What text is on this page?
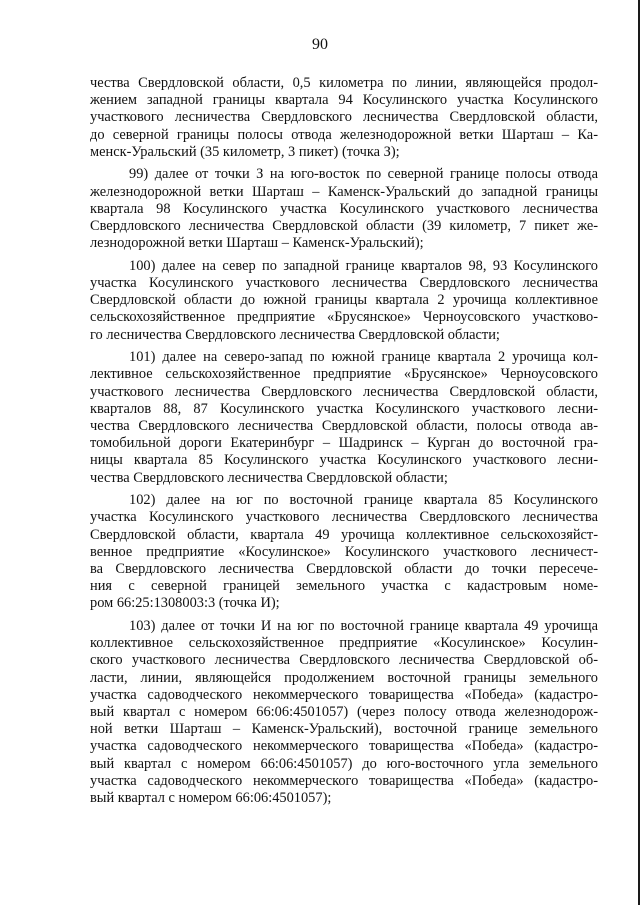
90
чества Свердловской области, 0,5 километра по линии, являющейся продол-
жением западной границы квартала 94 Косулинского участка Косулинского
участкового лесничества Свердловского лесничества Свердловской области,
до северной границы полосы отвода железнодорожной ветки Шарташ – Ка-
менск-Уральский (35 километр, 3 пикет) (точка З);
99) далее от точки З на юго-восток по северной границе полосы отвода
железнодорожной ветки Шарташ – Каменск-Уральский до западной границы
квартала 98 Косулинского участка Косулинского участкового лесничества
Свердловского лесничества Свердловской области (39 километр, 7 пикет же-
лезнодорожной ветки Шарташ – Каменск-Уральский);
100) далее на север по западной границе кварталов 98, 93 Косулинского
участка Косулинского участкового лесничества Свердловского лесничества
Свердловской области до южной границы квартала 2 урочища коллективное
сельскохозяйственное предприятие «Брусянское» Черноусовского участково-
го лесничества Свердловского лесничества Свердловской области;
101) далее на северо-запад по южной границе квартала 2 урочища кол-
лективное сельскохозяйственное предприятие «Брусянское» Черноусовского
участкового лесничества Свердловского лесничества Свердловской области,
кварталов 88, 87 Косулинского участка Косулинского участкового лесни-
чества Свердловского лесничества Свердловской области, полосы отвода ав-
томобильной дороги Екатеринбург – Шадринск – Курган до восточной гра-
ницы квартала 85 Косулинского участка Косулинского участкового лесни-
чества Свердловского лесничества Свердловской области;
102) далее на юг по восточной границе квартала 85 Косулинского
участка Косулинского участкового лесничества Свердловского лесничества
Свердловской области, квартала 49 урочища коллективное сельскохозяйст-
венное предприятие «Косулинское» Косулинского участкового лесничест-
ва Свердловского лесничества Свердловской области до точки пересече-
ния с северной границей земельного участка с кадастровым номе-
ром 66:25:1308003:3 (точка И);
103) далее от точки И на юг по восточной границе квартала 49 урочища
коллективное сельскохозяйственное предприятие «Косулинское» Косулин-
ского участкового лесничества Свердловского лесничества Свердловской об-
ласти, линии, являющейся продолжением восточной границы земельного
участка садоводческого некоммерческого товарищества «Победа» (кадастро-
вый квартал с номером 66:06:4501057) (через полосу отвода железнодорож-
ной ветки Шарташ – Каменск-Уральский), восточной границе земельного
участка садоводческого некоммерческого товарищества «Победа» (кадастро-
вый квартал с номером 66:06:4501057) до юго-восточного угла земельного
участка садоводческого некоммерческого товарищества «Победа» (кадастро-
вый квартал с номером 66:06:4501057);
